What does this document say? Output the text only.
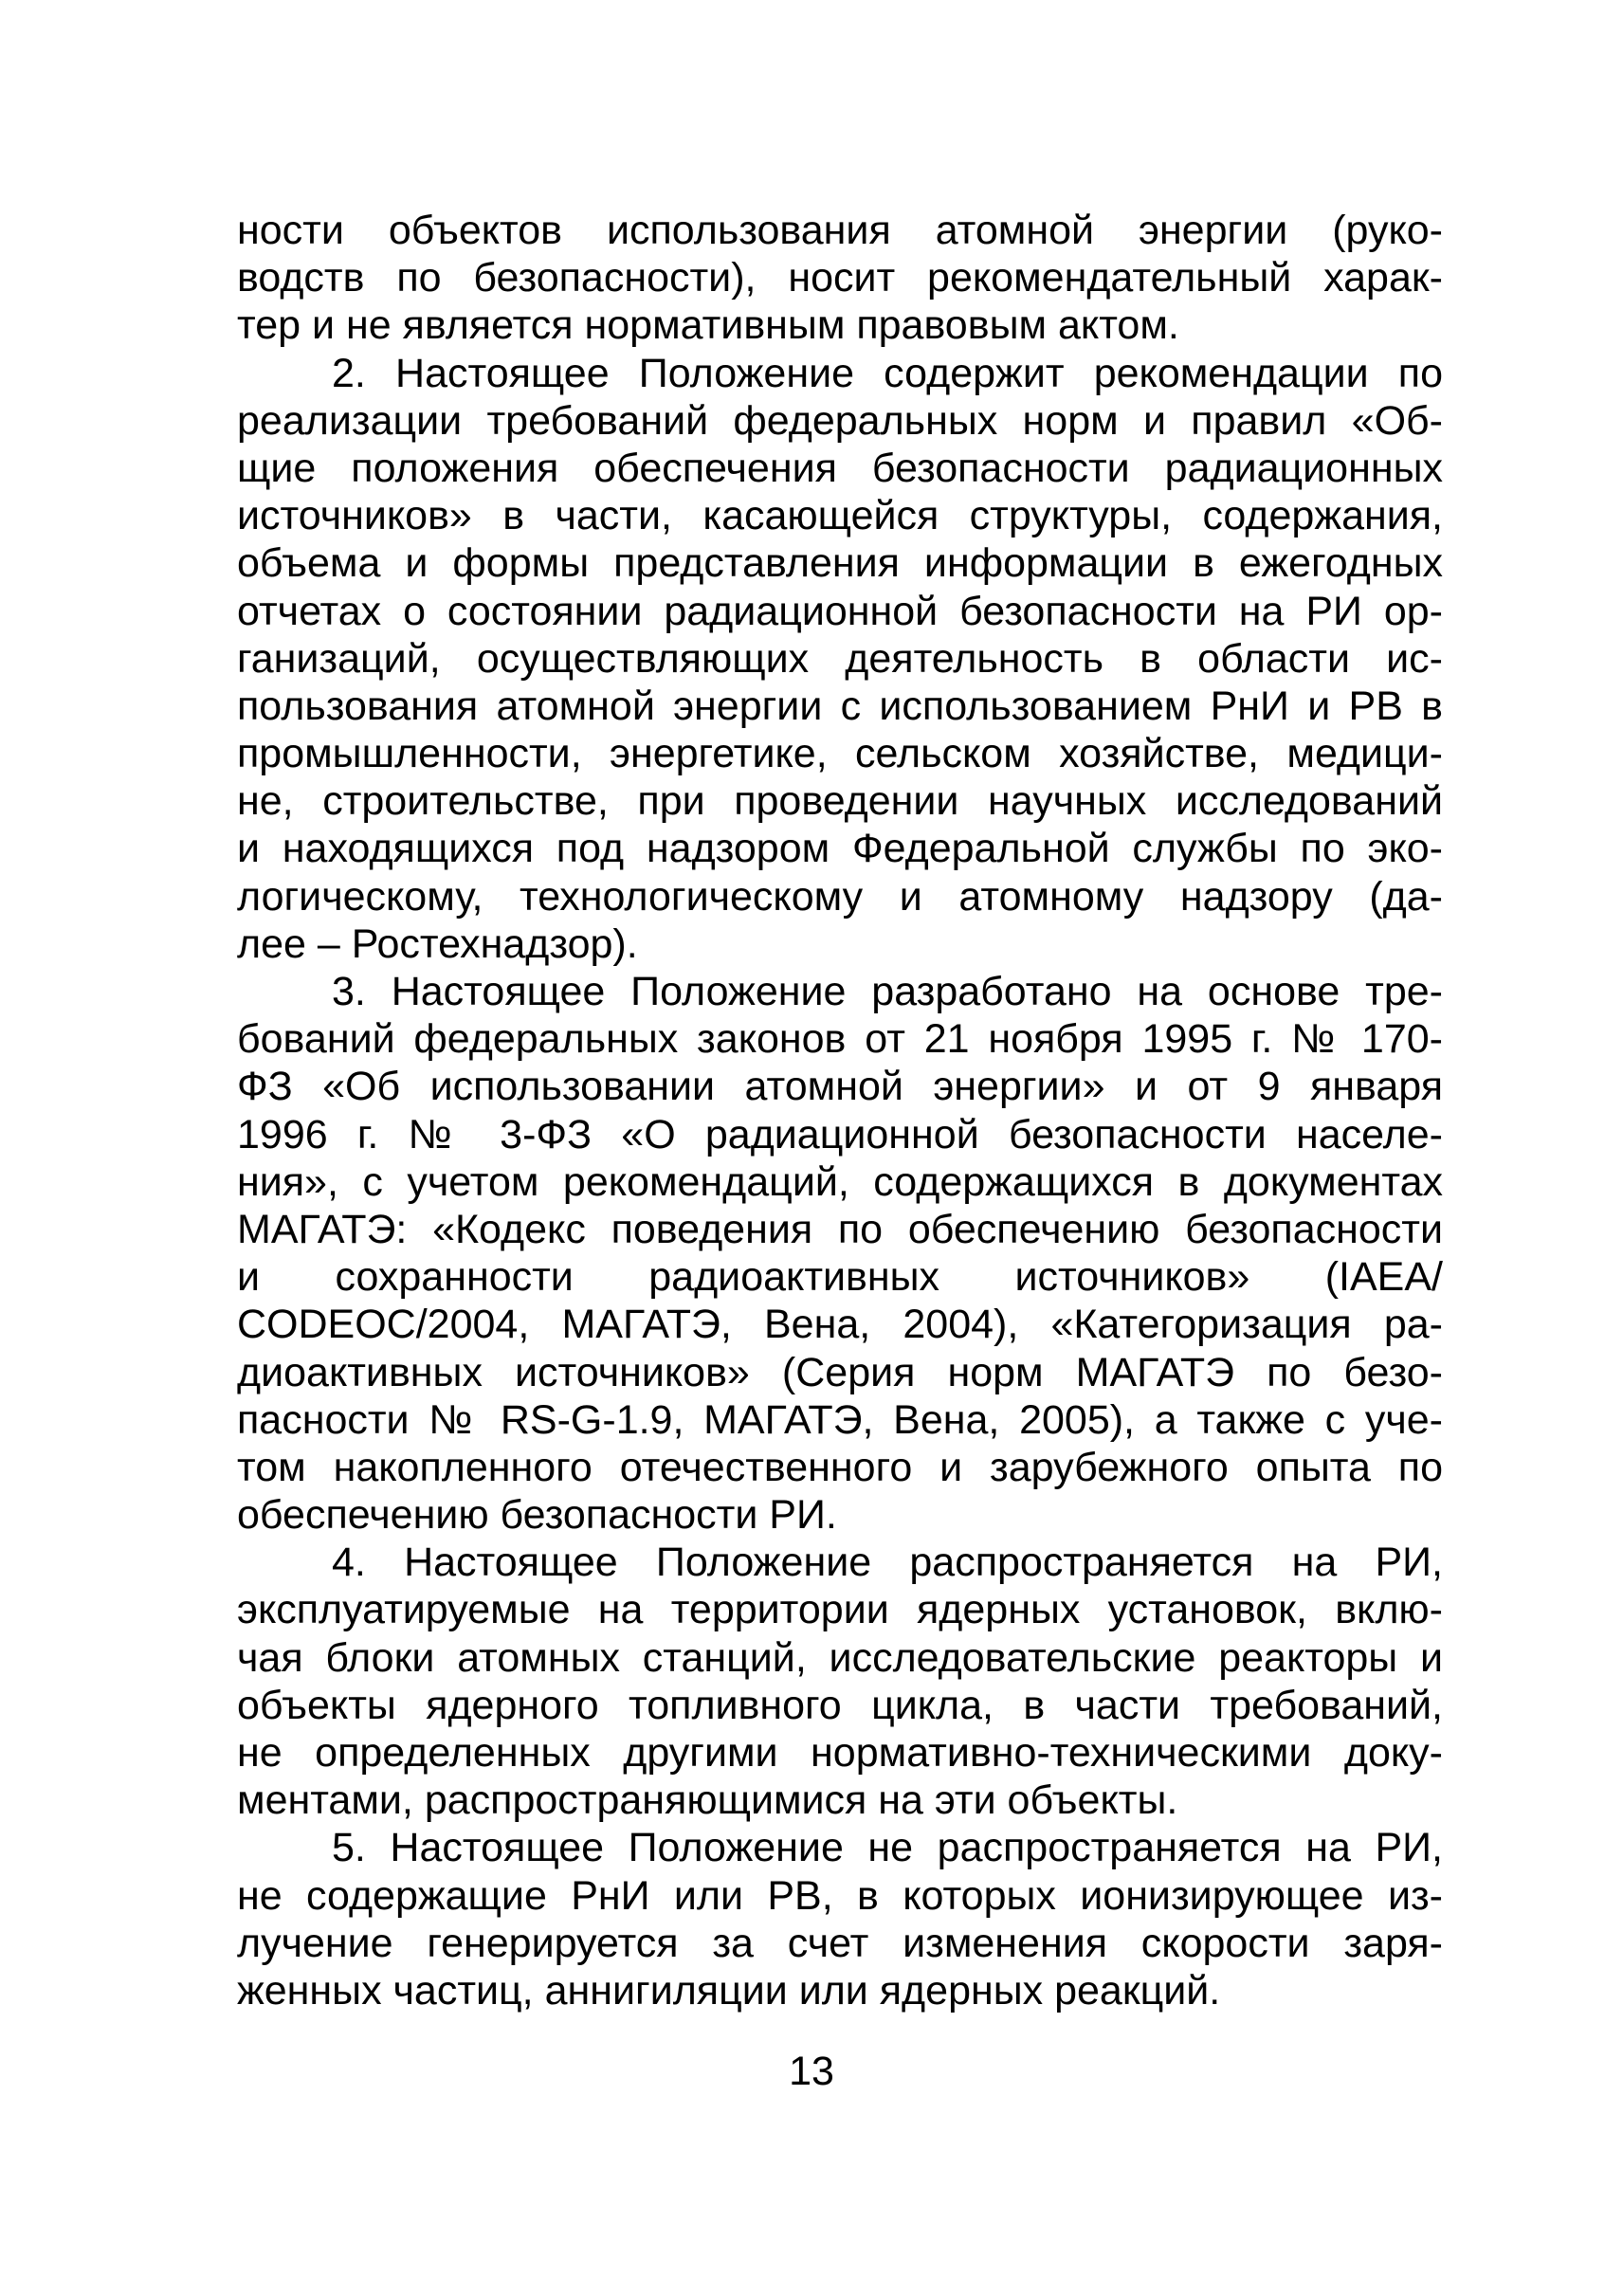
ности объектов использования атомной энергии (руко-
водств по безопасности), носит рекомендательный харак-
тер и не является нормативным правовым актом.
2. Настоящее Положение содержит рекомендации по
реализации требований федеральных норм и правил «Об-
щие положения обеспечения безопасности радиационных
источников» в части, касающейся структуры, содержания,
объема и формы представления информации в ежегодных
отчетах о состоянии радиационной безопасности на РИ ор-
ганизаций, осуществляющих деятельность в области ис-
пользования атомной энергии с использованием РнИ и РВ в
промышленности, энергетике, сельском хозяйстве, медици-
не, строительстве, при проведении научных исследований
и находящихся под надзором Федеральной службы по эко-
логическому, технологическому и атомному надзору (да-
лее – Ростехнадзор).
3. Настоящее Положение разработано на основе тре-
бований федеральных законов от 21 ноября 1995 г. № 170-
ФЗ «Об использовании атомной энергии» и от 9 января
1996 г. № 3-ФЗ «О радиационной безопасности населе-
ния», с учетом рекомендаций, содержащихся в документах
МАГАТЭ: «Кодекс поведения по обеспечению безопасности
и сохранности радиоактивных источников» (IAEA/
CODEOC/2004, МАГАТЭ, Вена, 2004), «Категоризация ра-
диоактивных источников» (Серия норм МАГАТЭ по безо-
пасности № RS-G-1.9, МАГАТЭ, Вена, 2005), а также с уче-
том накопленного отечественного и зарубежного опыта по
обеспечению безопасности РИ.
4. Настоящее Положение распространяется на РИ,
эксплуатируемые на территории ядерных установок, вклю-
чая блоки атомных станций, исследовательские реакторы и
объекты ядерного топливного цикла, в части требований,
не определенных другими нормативно-техническими доку-
ментами, распространяющимися на эти объекты.
5. Настоящее Положение не распространяется на РИ,
не содержащие РнИ или РВ, в которых ионизирующее из-
лучение генерируется за счет изменения скорости заря-
женных частиц, аннигиляции или ядерных реакций.
13
